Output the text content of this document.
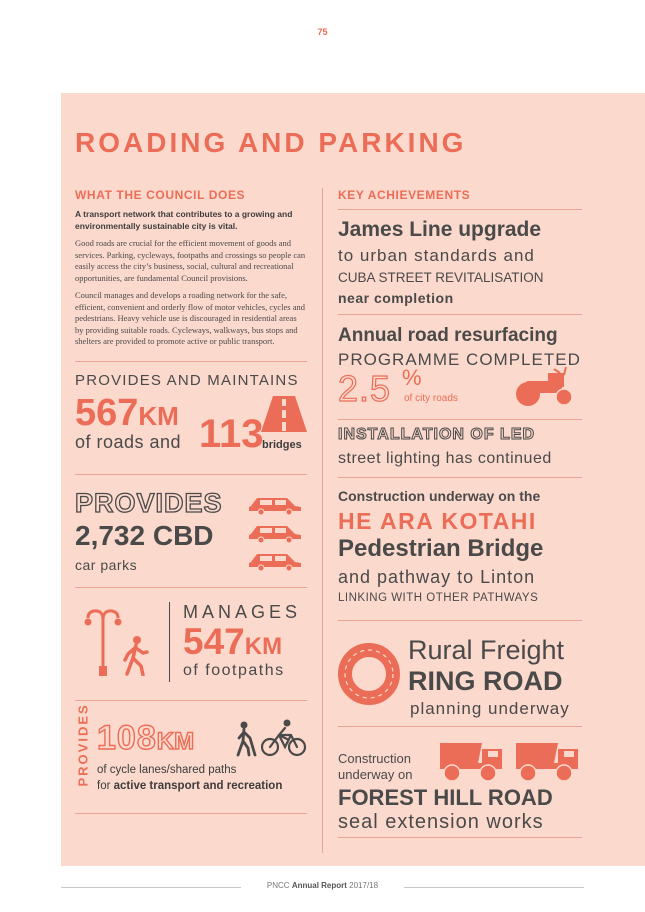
75
ROADING AND PARKING
WHAT THE COUNCIL DOES
A transport network that contributes to a growing and environmentally sustainable city is vital.
Good roads are crucial for the efficient movement of goods and services. Parking, cycleways, footpaths and crossings so people can easily access the city’s business, social, cultural and recreational opportunities, are fundamental Council provisions.
Council manages and develops a roading network for the safe, efficient, convenient and orderly flow of motor vehicles, cycles and pedestrians. Heavy vehicle use is discouraged in residential areas by providing suitable roads. Cycleways, walkways, bus stops and shelters are provided to promote active or public transport.
PROVIDES AND MAINTAINS
567KM
of roads and 113
bridges
PROVIDES
2,732 CBD
car parks
MANAGES
547KM
of footpaths
PROVIDES 108KM
of cycle lanes/shared paths
for active transport and recreation
KEY ACHIEVEMENTS
James Line upgrade
to urban standards and
CUBA STREET REVITALISATION
near completion
Annual road resurfacing
PROGRAMME COMPLETED
2.5 %
of city roads
INSTALLATION OF LED
street lighting has continued
Construction underway on the
HE ARA KOTAHI
Pedestrian Bridge
and pathway to Linton
LINKING WITH OTHER PATHWAYS
Rural Freight
RING ROAD
planning underway
Construction
underway on
FOREST HILL ROAD
seal extension works
PNCC Annual Report 2017/18
